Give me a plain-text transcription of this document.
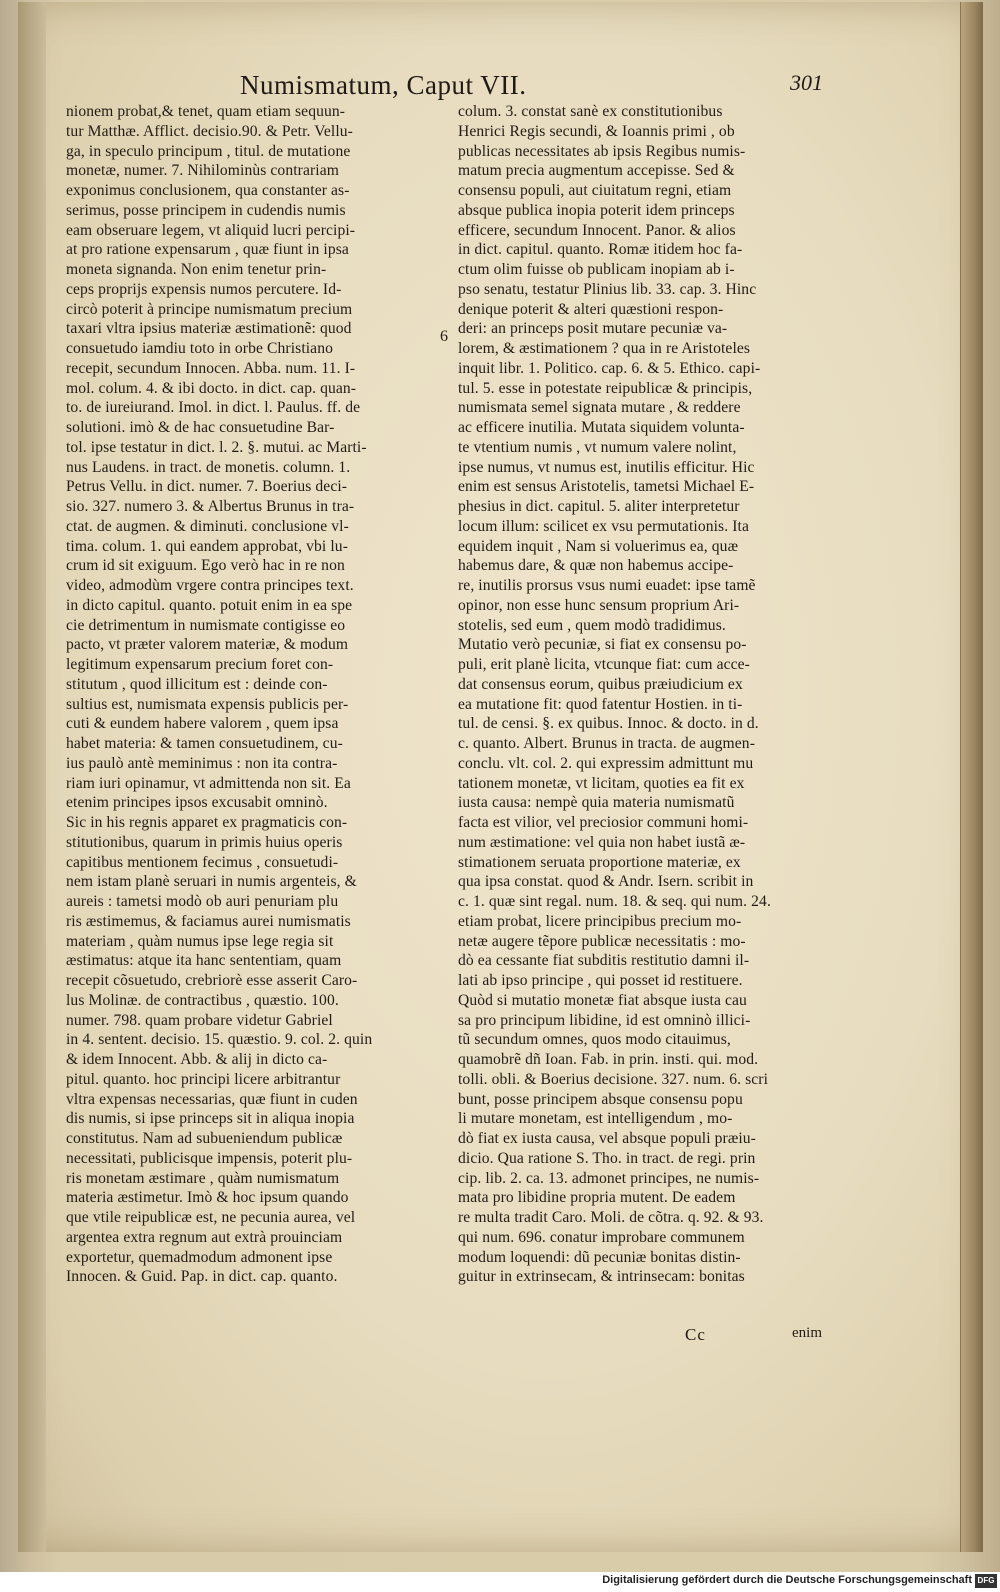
Numismatum, Caput VII.	301
nionem probat,& tenet, quam etiam sequun-
tur Matthæ. Afflict. decisio.90. & Petr. Vellu-
ga, in speculo principum , titul. de mutatione
monetæ, numer. 7. Nihilominùs contrariam
exponimus conclusionem, qua constanter as-
serimus, posse principem in cudendis numis
eam obseruare legem, vt aliquid lucri percipi-
at pro ratione expensarum , quæ fiunt in ipsa
moneta signanda. Non enim tenetur prin-
ceps proprijs expensis numos percutere. Id-
circò poterit à principe numismatum precium
taxari vltra ipsius materiæ æstimationẽ: quod
consuetudo iamdiu toto in orbe Christiano
recepit, secundum Innocen. Abba. num. 11. I-
mol. colum. 4. & ibi docto. in dict. cap. quan-
to. de iureiurand. Imol. in dict. l. Paulus. ff. de
solutioni. imò & de hac consuetudine Bar-
tol. ipse testatur in dict. l. 2. §. mutui. ac Marti-
nus Laudens. in tract. de monetis. column. 1.
Petrus Vellu. in dict. numer. 7. Boerius deci-
sio. 327. numero 3. & Albertus Brunus in tra-
ctat. de augmen. & diminuti. conclusione vl-
tima. colum. 1. qui eandem approbat, vbi lu-
crum id sit exiguum. Ego verò hac in re non
video, admodùm vrgere contra principes text.
in dicto capitul. quanto. potuit enim in ea spe
cie detrimentum in numismate contigisse eo
pacto, vt præter valorem materiæ, & modum
legitimum expensarum precium foret con-
stitutum , quod illicitum est : deinde con-
sultius est, numismata expensis publicis per-
cuti & eundem habere valorem , quem ipsa
habet materia: & tamen consuetudinem, cu-
ius paulò antè meminimus : non ita contra-
riam iuri opinamur, vt admittenda non sit. Ea
etenim principes ipsos excusabit omninò.
Sic in his regnis apparet ex pragmaticis con-
stitutionibus, quarum in primis huius operis
capitibus mentionem fecimus , consuetudi-
nem istam planè seruari in numis argenteis, &
aureis : tametsi modò ob auri penuriam plu
ris æstimemus, & faciamus aurei numismatis
materiam , quàm numus ipse lege regia sit
æstimatus: atque ita hanc sententiam, quam
recepit cõsuetudo, crebriorè esse asserit Caro-
lus Molinæ. de contractibus , quæstio. 100.
numer. 798. quam probare videtur Gabriel
in 4. sentent. decisio. 15. quæstio. 9. col. 2. quin
& idem Innocent. Abb. & alij in dicto ca-
pitul. quanto. hoc principi licere arbitrantur
vltra expensas necessarias, quæ fiunt in cuden
dis numis, si ipse princeps sit in aliqua inopia
constitutus. Nam ad subueniendum publicæ
necessitati, publicisque impensis, poterit plu-
ris monetam æstimare , quàm numismatum
materia æstimetur. Imò & hoc ipsum quando
que vtile reipublicæ est, ne pecunia aurea, vel
argentea extra regnum aut extrà prouinciam
exportetur, quemadmodum admonent ipse
Innocen. & Guid. Pap. in dict. cap. quanto.
colum. 3. constat sanè ex constitutionibus
Henrici Regis secundi, & Ioannis primi , ob
publicas necessitates ab ipsis Regibus numis-
matum precia augmentum accepisse. Sed &
consensu populi, aut ciuitatum regni, etiam
absque publica inopia poterit idem princeps
efficere, secundum Innocent. Panor. & alios
in dict. capitul. quanto. Romæ itidem hoc fa-
ctum olim fuisse ob publicam inopiam ab i-
pso senatu, testatur Plinius lib. 33. cap. 3. Hinc
denique poterit & alteri quæstioni respon-
deri: an princeps posit mutare pecuniæ va-
lorem, & æstimationem ? qua in re Aristoteles
inquit libr. 1. Politico. cap. 6. & 5. Ethico. capi-
tul. 5. esse in potestate reipublicæ & principis,
numismata semel signata mutare , & reddere
ac efficere inutilia. Mutata siquidem volunta-
te vtentium numis , vt numum valere nolint,
ipse numus, vt numus est, inutilis efficitur. Hic
enim est sensus Aristotelis, tametsi Michael E-
phesius in dict. capitul. 5. aliter interpretetur
locum illum: scilicet ex vsu permutationis. Ita
equidem inquit , Nam si voluerimus ea, quæ
habemus dare, & quæ non habemus accipe-
re, inutilis prorsus vsus numi euadet: ipse tamẽ
opinor, non esse hunc sensum proprium Ari-
stotelis, sed eum , quem modò tradidimus.
Mutatio verò pecuniæ, si fiat ex consensu po-
puli, erit planè licita, vtcunque fiat: cum acce-
dat consensus eorum, quibus præiudicium ex
ea mutatione fit: quod fatentur Hostien. in ti-
tul. de censi. §. ex quibus. Innoc. & docto. in d.
c. quanto. Albert. Brunus in tracta. de augmen-
conclu. vlt. col. 2. qui expressim admittunt mu
tationem monetæ, vt licitam, quoties ea fit ex
iusta causa: nempè quia materia numismatũ
facta est vilior, vel preciosior communi homi-
num æstimatione: vel quia non habet iustã æ-
stimationem seruata proportione materiæ, ex
qua ipsa constat. quod & Andr. Isern. scribit in
c. 1. quæ sint regal. num. 18. & seq. qui num. 24.
etiam probat, licere principibus precium mo-
netæ augere tẽpore publicæ necessitatis : mo-
dò ea cessante fiat subditis restitutio damni il-
lati ab ipso principe , qui posset id restituere.
Quòd si mutatio monetæ fiat absque iusta cau
sa pro principum libidine, id est omninò illici-
tũ secundum omnes, quos modo citauimus,
quamobrẽ dñ Ioan. Fab. in prin. insti. qui. mod.
tolli. obli. & Boerius decisione. 327. num. 6. scri
bunt, posse principem absque consensu popu
li mutare monetam, est intelligendum , mo-
dò fiat ex iusta causa, vel absque populi præiu-
dicio. Qua ratione S. Tho. in tract. de regi. prin
cip. lib. 2. ca. 13. admonet principes, ne numis-
mata pro libidine propria mutent. De eadem
re multa tradit Caro. Moli. de cõtra. q. 92. & 93.
qui num. 696. conatur improbare communem
modum loquendi: dũ pecuniæ bonitas distin-
guitur in extrinsecam, & intrinsecam: bonitas
6
Cc	enim
Digitalisierung gefördert durch die Deutsche Forschungsgemeinschaft DFG
